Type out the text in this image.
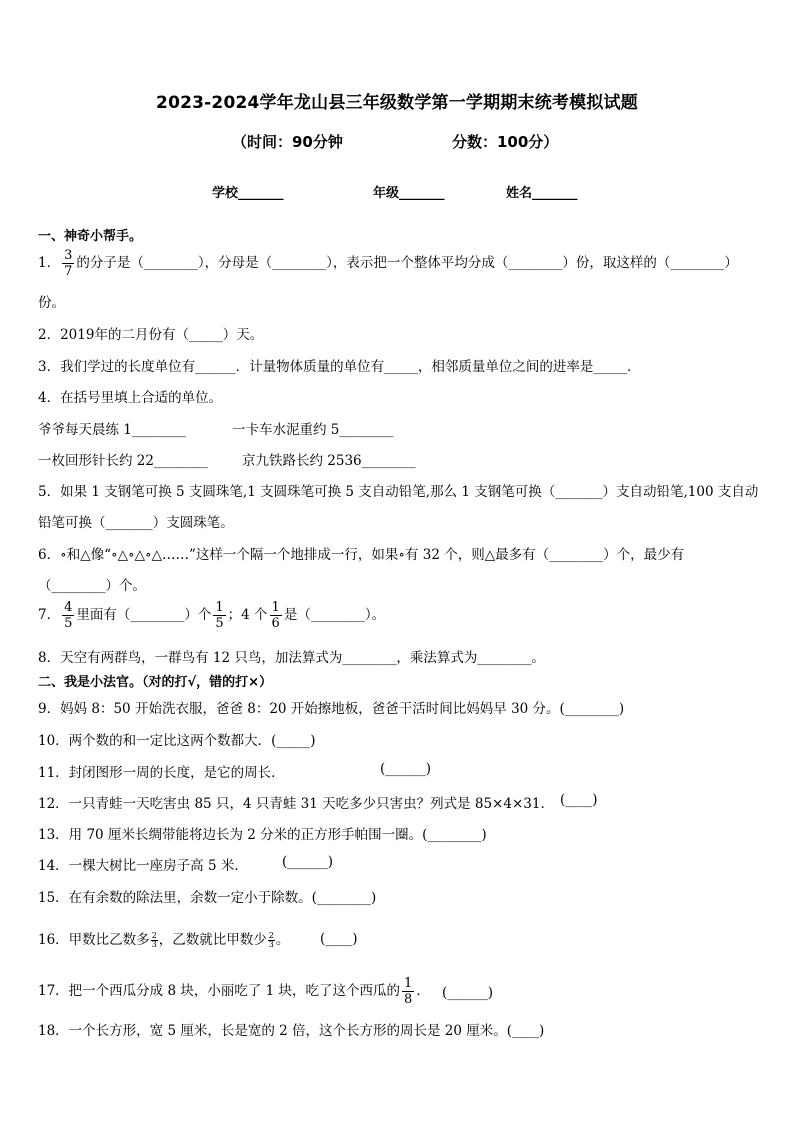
2023-2024学年龙山县三年级数学第一学期期末统考模拟试题
（时间：90分钟	分数：100分）
学校_______	年级_______	姓名_______
一、神奇小帮手。
1． $\frac{3}{7}$ 的分子是（________），分母是（________），表示把一个整体平均分成（________）份，取这样的（________）
份。
2．2019年的二月份有（_____）天。
3．我们学过的长度单位有______．计量物体质量的单位有_____，相邻质量单位之间的进率是_____．
4．在括号里填上合适的单位。
爷爷每天晨练 1________	一卡车水泥重约 5________
一枚回形针长约 22________	京九铁路长约 2536________
5．如果 1 支钢笔可换 5 支圆珠笔,1 支圆珠笔可换 5 支自动铅笔,那么 1 支钢笔可换（_______）支自动铅笔,100 支自动
铅笔可换（_______）支圆珠笔。
6．∘和△像“∘△∘△∘△……”这样一个隔一个地排成一行，如果∘有 32 个，则△最多有（________）个，最少有
（________）个。
7． $\frac{4}{5}$ 里面有（________）个 $\frac{1}{5}$ ；4 个 $\frac{1}{6}$ 是（________）。
8．天空有两群鸟，一群鸟有 12 只鸟，加法算式为________，乘法算式为________。
二、我是小法官。（对的打√，错的打×）
9．妈妈 8：50 开始洗衣服，爸爸 8：20 开始擦地板，爸爸干活时间比妈妈早 30 分。(________)
10．两个数的和一定比这两个数都大．(_____)
11．封闭图形一周的长度，是它的周长．	(______)
12．一只青蛙一天吃害虫 85 只，4 只青蛙 31 天吃多少只害虫？列式是 85×4×31. (____)
13．用 70 厘米长绸带能将边长为 2 分米的正方形手帕围一圈。(________)
14．一棵大树比一座房子高 5 米．	(______)
15．在有余数的除法里，余数一定小于除数。(________)
16．甲数比乙数多 $\frac{2}{3}$ ，乙数就比甲数少 $\frac{2}{3}$ 。 (____)
17．把一个西瓜分成 8 块，小丽吃了 1 块，吃了这个西瓜的 $\frac{1}{8}$ ． (______)
18．一个长方形，宽 5 厘米，长是宽的 2 倍，这个长方形的周长是 20 厘米。(____)
